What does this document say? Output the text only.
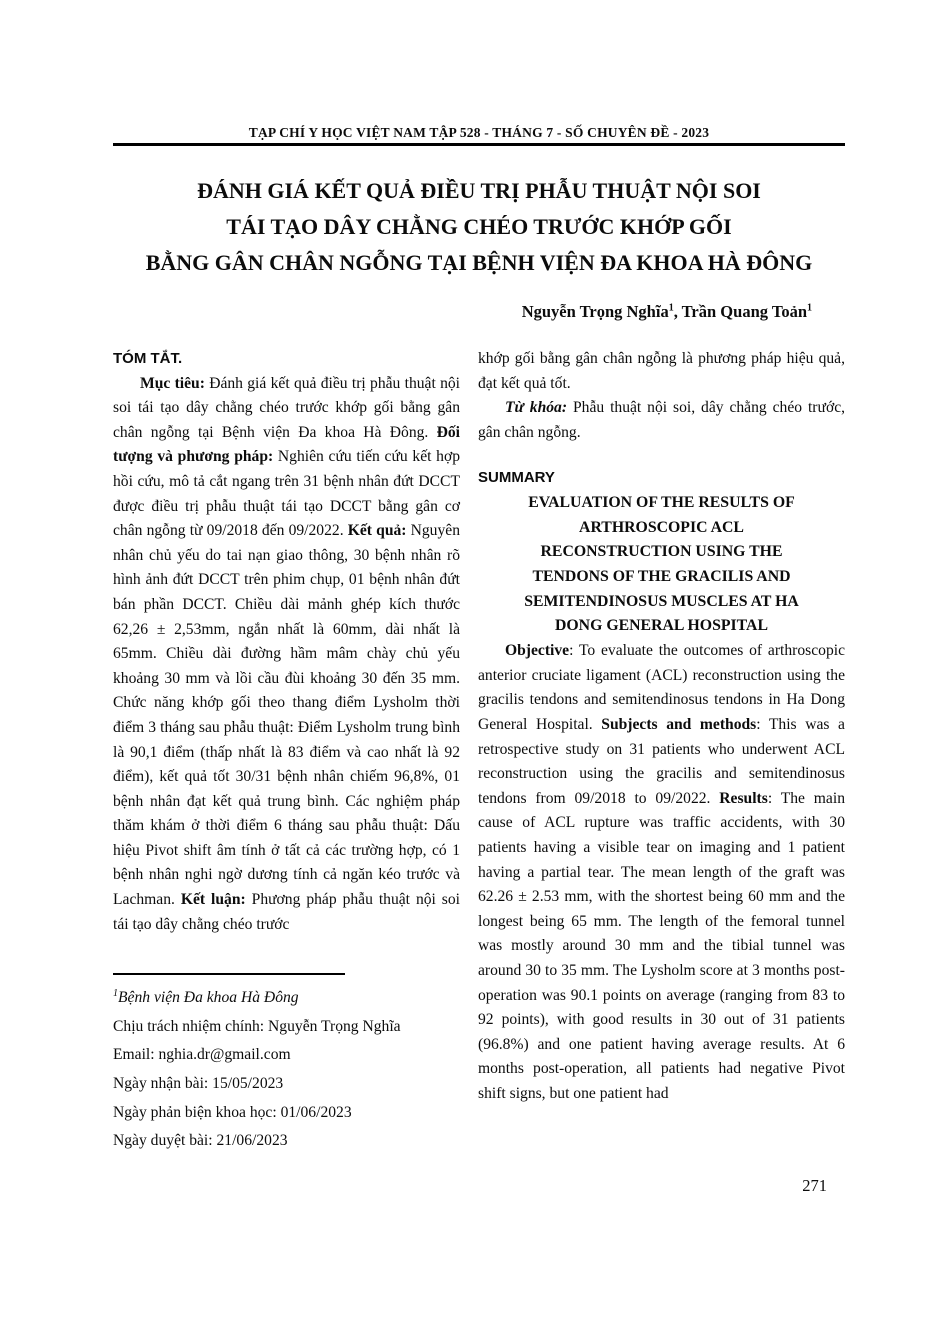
TẠP CHÍ Y HỌC VIỆT NAM TẬP 528 - THÁNG 7 - SỐ CHUYÊN ĐỀ - 2023
ĐÁNH GIÁ KẾT QUẢ ĐIỀU TRỊ PHẪU THUẬT NỘI SOI
TÁI TẠO DÂY CHẰNG CHÉO TRƯỚC KHỚP GỐI
BẰNG GÂN CHÂN NGỖNG TẠI BỆNH VIỆN ĐA KHOA HÀ ĐÔNG
Nguyễn Trọng Nghĩa$^1$, Trần Quang Toản$^1$
TÓM TẮT.

Mục tiêu: Đánh giá kết quả điều trị phẫu thuật nội soi tái tạo dây chằng chéo trước khớp gối bằng gân chân ngỗng tại Bệnh viện Đa khoa Hà Đông. Đối tượng và phương pháp: Nghiên cứu tiến cứu kết hợp hồi cứu, mô tả cắt ngang trên 31 bệnh nhân đứt DCCT được điều trị phẫu thuật tái tạo DCCT bằng gân cơ chân ngỗng từ 09/2018 đến 09/2022. Kết quả: Nguyên nhân chủ yếu do tai nạn giao thông, 30 bệnh nhân rõ hình ảnh đứt DCCT trên phim chụp, 01 bệnh nhân đứt bán phần DCCT. Chiều dài mảnh ghép kích thước 62,26 ± 2,53mm, ngắn nhất là 60mm, dài nhất là 65mm. Chiều dài đường hầm mâm chày chủ yếu khoảng 30 mm và lồi cầu đùi khoảng 30 đến 35 mm. Chức năng khớp gối theo thang điểm Lysholm thời điểm 3 tháng sau phẫu thuật: Điểm Lysholm trung bình là 90,1 điểm (thấp nhất là 83 điểm và cao nhất là 92 điểm), kết quả tốt 30/31 bệnh nhân chiếm 96,8%, 01 bệnh nhân đạt kết quả trung bình. Các nghiệm pháp thăm khám ở thời điểm 6 tháng sau phẫu thuật: Dấu hiệu Pivot shift âm tính ở tất cả các trường hợp, có 1 bệnh nhân nghi ngờ dương tính cả ngăn kéo trước và Lachman. Kết luận: Phương pháp phẫu thuật nội soi tái tạo dây chằng chéo trước

$^1$Bệnh viện Đa khoa Hà Đông
Chịu trách nhiệm chính: Nguyễn Trọng Nghĩa
Email: nghia.dr@gmail.com
Ngày nhận bài: 15/05/2023
Ngày phản biện khoa học: 01/06/2023
Ngày duyệt bài: 21/06/2023

khớp gối bằng gân chân ngỗng là phương pháp hiệu quả, đạt kết quả tốt.

Từ khóa: Phẫu thuật nội soi, dây chằng chéo trước, gân chân ngỗng.

SUMMARY
EVALUATION OF THE RESULTS OF
ARTHROSCOPIC ACL
RECONSTRUCTION USING THE
TENDONS OF THE GRACILIS AND
SEMITENDINOSUS MUSCLES AT HA
DONG GENERAL HOSPITAL

Objective: To evaluate the outcomes of arthroscopic anterior cruciate ligament (ACL) reconstruction using the gracilis tendons and semitendinosus tendons in Ha Dong General Hospital. Subjects and methods: This was a retrospective study on 31 patients who underwent ACL reconstruction using the gracilis and semitendinosus tendons from 09/2018 to 09/2022. Results: The main cause of ACL rupture was traffic accidents, with 30 patients having a visible tear on imaging and 1 patient having a partial tear. The mean length of the graft was 62.26 ± 2.53 mm, with the shortest being 60 mm and the longest being 65 mm. The length of the femoral tunnel was mostly around 30 mm and the tibial tunnel was around 30 to 35 mm. The Lysholm score at 3 months post-operation was 90.1 points on average (ranging from 83 to 92 points), with good results in 30 out of 31 patients (96.8%) and one patient having average results. At 6 months post-operation, all patients had negative Pivot shift signs, but one patient had

271
